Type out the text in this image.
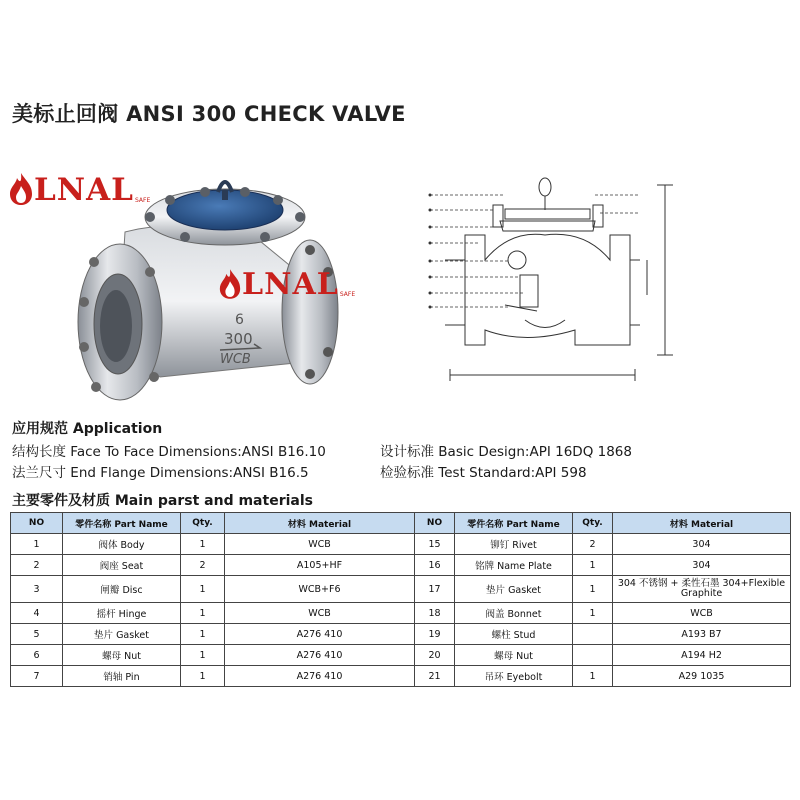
美标止回阀 ANSI 300 CHECK VALVE
6
300
WCB
LNAL SAFE
LNAL SAFE
应用规范 Application
结构长度 Face To Face Dimensions:ANSI B16.10
法兰尺寸 End Flange Dimensions:ANSI B16.5
设计标准 Basic Design:API 16DQ 1868
检验标准 Test Standard:API 598
主要零件及材质 Main parst and materials
NO	零件名称 Part Name	Qty.	材料 Material	NO	零件名称 Part Name	Qty.	材料 Material
1	阀体 Body	1	WCB	15	铆钉 Rivet	2	304
2	阀座 Seat	2	A105+HF	16	铭牌 Name Plate	1	304
3	闸瓣 Disc	1	WCB+F6	17	垫片 Gasket	1	304 不锈钢 + 柔性石墨 304+Flexible Graphite
4	摇杆 Hinge	1	WCB	18	阀盖 Bonnet	1	WCB
5	垫片 Gasket	1	A276 410	19	螺柱 Stud		A193 B7
6	螺母 Nut	1	A276 410	20	螺母 Nut		A194 H2
7	销轴 Pin	1	A276 410	21	吊环 Eyebolt	1	A29 1035
